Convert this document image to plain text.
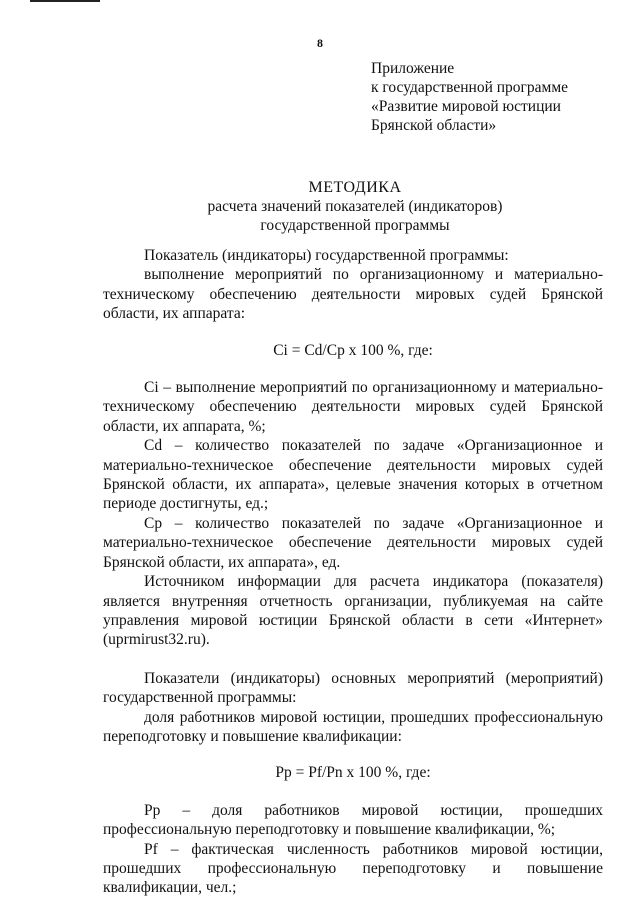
8
Приложение
к государственной программе
«Развитие мировой юстиции
Брянской области»
МЕТОДИКА
расчета значений показателей (индикаторов)
государственной программы

Показатель (индикаторы) государственной программы:

выполнение мероприятий по организационному и материально-техническому обеспечению деятельности мировых судей Брянской области, их аппарата:

Ci = Cd/Cp x 100 %, где:

Ci – выполнение мероприятий по организационному и материально-техническому обеспечению деятельности мировых судей Брянской области, их аппарата, %;

Cd – количество показателей по задаче «Организационное и материально-техническое обеспечение деятельности мировых судей Брянской области, их аппарата», целевые значения которых в отчетном периоде достигнуты, ед.;

Cp – количество показателей по задаче «Организационное и материально-техническое обеспечение деятельности мировых судей Брянской области, их аппарата», ед.

Источником информации для расчета индикатора (показателя) является внутренняя отчетность организации, публикуемая на сайте управления мировой юстиции Брянской области в сети «Интернет» (uprmirust32.ru).

Показатели (индикаторы) основных мероприятий (мероприятий) государственной программы:

доля работников мировой юстиции, прошедших профессиональную переподготовку и повышение квалификации:

Pp = Pf/Pn x 100 %, где:

Pp – доля работников мировой юстиции, прошедших профессиональную переподготовку и повышение квалификации, %;

Pf – фактическая численность работников мировой юстиции, прошедших профессиональную переподготовку и повышение квалификации, чел.;
